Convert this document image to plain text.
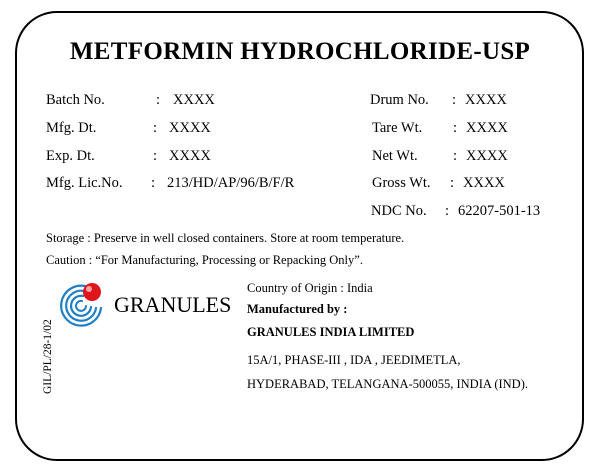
METFORMIN HYDROCHLORIDE-USP
Batch No.	: XXXX
Mfg. Dt.	: XXXX
Exp. Dt.	: XXXX
Mfg. Lic.No. : 213/HD/AP/96/B/F/R
Drum No. : XXXX
Tare Wt. : XXXX
Net Wt. : XXXX
Gross Wt. : XXXX
NDC No. : 62207-501-13
Storage : Preserve in well closed containers. Store at room temperature.
Caution : “For Manufacturing, Processing or Repacking Only”.
GIL/PL/28-1/02
GRANULES
Country of Origin : India
Manufactured by :
GRANULES INDIA LIMITED
15A/1, PHASE-III , IDA , JEEDIMETLA,
HYDERABAD, TELANGANA-500055, INDIA (IND).
